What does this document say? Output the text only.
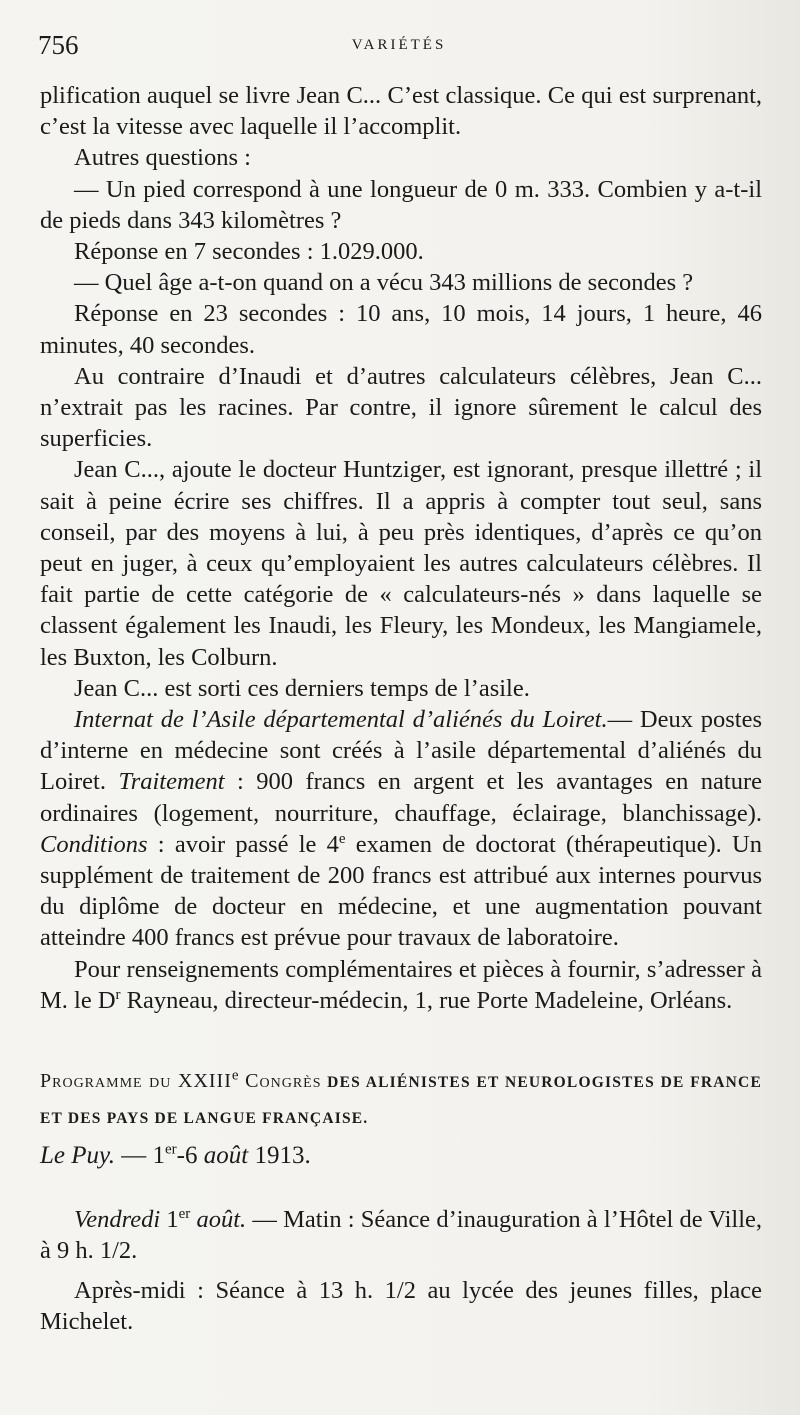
756	VARIÉTÉS

plification auquel se livre Jean C... C’est classique. Ce qui est surprenant, c’est la vitesse avec laquelle il l’accomplit.

Autres questions :

— Un pied correspond à une longueur de 0 m. 333. Combien y a-t-il de pieds dans 343 kilomètres ?

Réponse en 7 secondes : 1.029.000.

— Quel âge a-t-on quand on a vécu 343 millions de secondes ?

Réponse en 23 secondes : 10 ans, 10 mois, 14 jours, 1 heure, 46 minutes, 40 secondes.

Au contraire d’Inaudi et d’autres calculateurs célèbres, Jean C... n’extrait pas les racines. Par contre, il ignore sûrement le calcul des superficies.

Jean C..., ajoute le docteur Huntziger, est ignorant, presque illettré ; il sait à peine écrire ses chiffres. Il a appris à compter tout seul, sans conseil, par des moyens à lui, à peu près identiques, d’après ce qu’on peut en juger, à ceux qu’employaient les autres calculateurs célèbres. Il fait partie de cette catégorie de « calculateurs-nés » dans laquelle se classent également les Inaudi, les Fleury, les Mondeux, les Mangiamele, les Buxton, les Colburn.

Jean C... est sorti ces derniers temps de l’asile.

Internat de l’Asile départemental d’aliénés du Loiret.— Deux postes d’interne en médecine sont créés à l’asile départemental d’aliénés du Loiret. Traitement : 900 francs en argent et les avantages en nature ordinaires (logement, nourriture, chauffage, éclairage, blanchissage). Conditions : avoir passé le 4e examen de doctorat (thérapeutique). Un supplément de traitement de 200 francs est attribué aux internes pourvus du diplôme de docteur en médecine, et une augmentation pouvant atteindre 400 francs est prévue pour travaux de laboratoire.

Pour renseignements complémentaires et pièces à fournir, s’adresser à M. le $D^r$ Rayneau, directeur-médecin, 1, rue Porte Madeleine, Orléans.

Programme du XXIIIe Congrès DES ALIÉNISTES ET NEUROLOGISTES DE FRANCE ET DES PAYS DE LANGUE FRANÇAISE.

Le Puy. — 1er-6 août 1913.

Vendredi 1er août. — Matin : Séance d’inauguration à l’Hôtel de Ville, à 9 h. 1/2.

Après-midi : Séance à 13 h. 1/2 au lycée des jeunes filles, place Michelet.
